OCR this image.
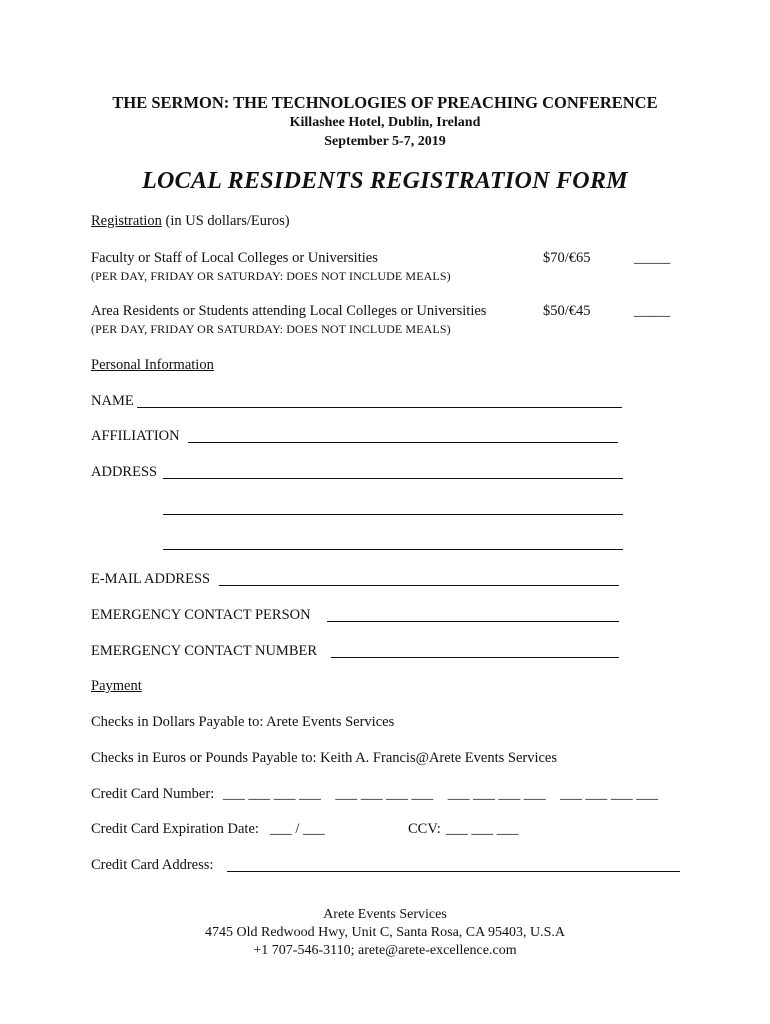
THE SERMON: THE TECHNOLOGIES OF PREACHING CONFERENCE
Killashee Hotel, Dublin, Ireland
September 5-7, 2019
LOCAL RESIDENTS REGISTRATION FORM
Registration (in US dollars/Euros)
Faculty or Staff of Local Colleges or Universities	$70/€65	_____
(PER DAY, FRIDAY OR SATURDAY: DOES NOT INCLUDE MEALS)
Area Residents or Students attending Local Colleges or Universities	$50/€45	_____
(PER DAY, FRIDAY OR SATURDAY: DOES NOT INCLUDE MEALS)
Personal Information
NAME
AFFILIATION
ADDRESS
E-MAIL ADDRESS
EMERGENCY CONTACT PERSON
EMERGENCY CONTACT NUMBER
Payment
Checks in Dollars Payable to: Arete Events Services
Checks in Euros or Pounds Payable to: Keith A. Francis@Arete Events Services
Credit Card Number: ___ ___ ___ ___    ___ ___ ___ ___    ___ ___ ___ ___    ___ ___ ___ ___
Credit Card Expiration Date: ___ / ___	CCV: ___ ___ ___
Credit Card Address:
Arete Events Services
4745 Old Redwood Hwy, Unit C, Santa Rosa, CA 95403, U.S.A
+1 707-546-3110; arete@arete-excellence.com
